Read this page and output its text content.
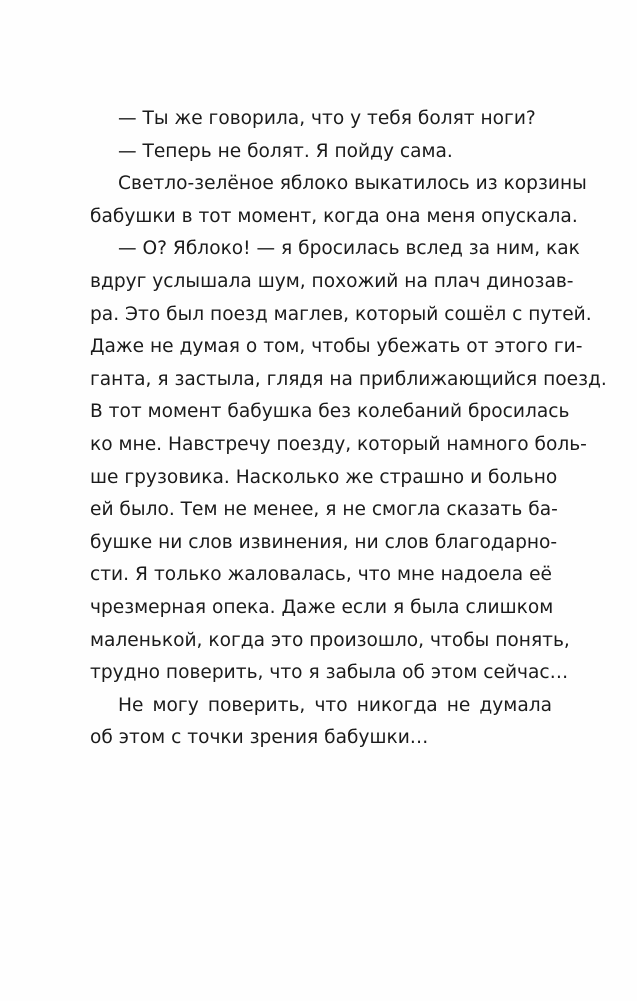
— Ты же говорила, что у тебя болят ноги?
— Теперь не болят. Я пойду сама.
Светло-зелёное яблоко выкатилось из корзины
бабушки в тот момент, когда она меня опускала.
— О? Яблоко! — я бросилась вслед за ним, как
вдруг услышала шум, похожий на плач динозав-
ра. Это был поезд маглев, который сошёл с путей.
Даже не думая о том, чтобы убежать от этого ги-
ганта, я застыла, глядя на приближающийся поезд.
В тот момент бабушка без колебаний бросилась
ко мне. Навстречу поезду, который намного боль-
ше грузовика. Насколько же страшно и больно
ей было. Тем не менее, я не смогла сказать ба-
бушке ни слов извинения, ни слов благодарно-
сти. Я только жаловалась, что мне надоела её
чрезмерная опека. Даже если я была слишком
маленькой, когда это произошло, чтобы понять,
трудно поверить, что я забыла об этом сейчас…
Не могу поверить, что никогда не думала
об этом с точки зрения бабушки…
